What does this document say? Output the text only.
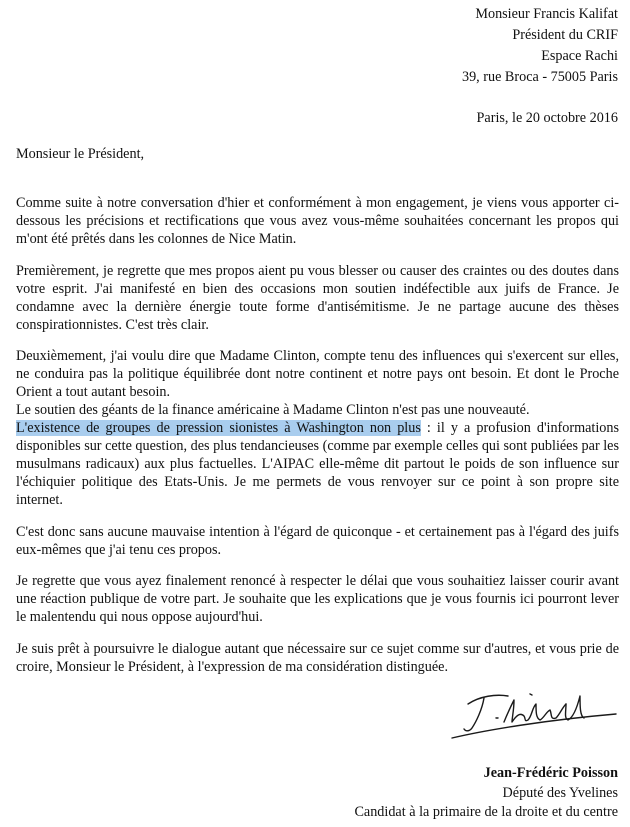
Monsieur Francis Kalifat
Président du CRIF
Espace Rachi
39, rue Broca - 75005 Paris
Paris, le 20 octobre 2016
Monsieur le Président,

Comme suite à notre conversation d'hier et conformément à mon engagement, je viens vous apporter ci-dessous les précisions et rectifications que vous avez vous-même souhaitées concernant les propos qui m'ont été prêtés dans les colonnes de Nice Matin.

Premièrement, je regrette que mes propos aient pu vous blesser ou causer des craintes ou des doutes dans votre esprit. J'ai manifesté en bien des occasions mon soutien indéfectible aux juifs de France. Je condamne avec la dernière énergie toute forme d'antisémitisme. Je ne partage aucune des thèses conspirationnistes. C'est très clair.

Deuxièmement, j'ai voulu dire que Madame Clinton, compte tenu des influences qui s'exercent sur elles, ne conduira pas la politique équilibrée dont notre continent et notre pays ont besoin. Et dont le Proche Orient a tout autant besoin.

Le soutien des géants de la finance américaine à Madame Clinton n'est pas une nouveauté.

L'existence de groupes de pression sionistes à Washington non plus : il y a profusion d'informations disponibles sur cette question, des plus tendancieuses (comme par exemple celles qui sont publiées par les musulmans radicaux) aux plus factuelles. L'AIPAC elle-même dit partout le poids de son influence sur l'échiquier politique des Etats-Unis. Je me permets de vous renvoyer sur ce point à son propre site internet.

C'est donc sans aucune mauvaise intention à l'égard de quiconque - et certainement pas à l'égard des juifs eux-mêmes que j'ai tenu ces propos.

Je regrette que vous ayez finalement renoncé à respecter le délai que vous souhaitiez laisser courir avant une réaction publique de votre part. Je souhaite que les explications que je vous fournis ici pourront lever le malentendu qui nous oppose aujourd'hui.

Je suis prêt à poursuivre le dialogue autant que nécessaire sur ce sujet comme sur d'autres, et vous prie de croire, Monsieur le Président, à l'expression de ma considération distinguée.

Jean-Frédéric Poisson
Député des Yvelines
Candidat à la primaire de la droite et du centre
